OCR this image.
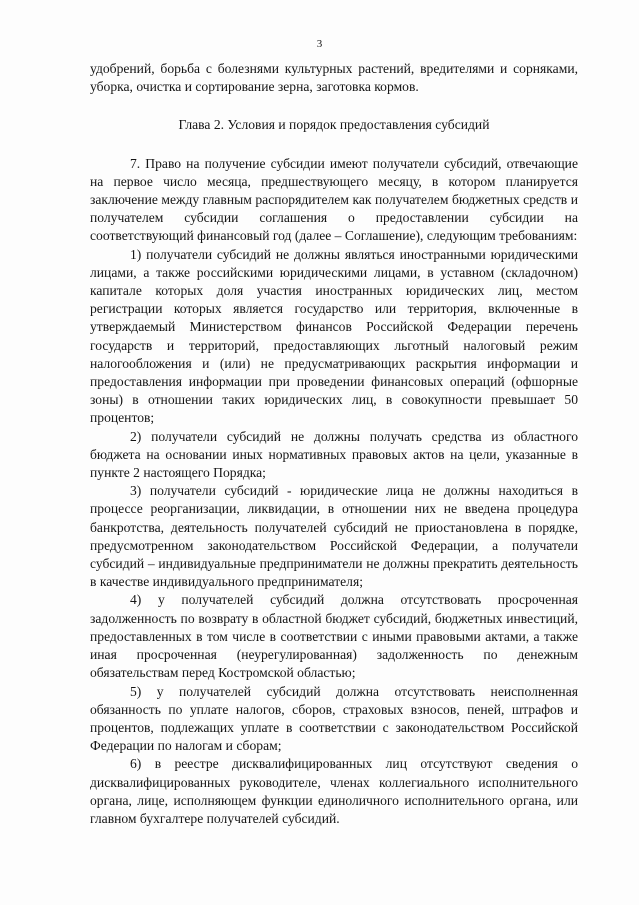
3

удобрений, борьба с болезнями культурных растений, вредителями и сорняками, уборка, очистка и сортирование зерна, заготовка кормов.

Глава 2. Условия и порядок предоставления субсидий

7. Право на получение субсидии имеют получатели субсидий, отвечающие на первое число месяца, предшествующего месяцу, в котором планируется заключение между главным распорядителем как получателем бюджетных средств и получателем субсидии соглашения о предоставлении субсидии на соответствующий финансовый год (далее – Соглашение), следующим требованиям:

1) получатели субсидий не должны являться иностранными юридическими лицами, а также российскими юридическими лицами, в уставном (складочном) капитале которых доля участия иностранных юридических лиц, местом регистрации которых является государство или территория, включенные в утверждаемый Министерством финансов Российской Федерации перечень государств и территорий, предоставляющих льготный налоговый режим налогообложения и (или) не предусматривающих раскрытия информации и предоставления информации при проведении финансовых операций (офшорные зоны) в отношении таких юридических лиц, в совокупности превышает 50 процентов;

2) получатели субсидий не должны получать средства из областного бюджета на основании иных нормативных правовых актов на цели, указанные в пункте 2 настоящего Порядка;

3) получатели субсидий - юридические лица не должны находиться в процессе реорганизации, ликвидации, в отношении них не введена процедура банкротства, деятельность получателей субсидий не приостановлена в порядке, предусмотренном законодательством Российской Федерации, а получатели субсидий – индивидуальные предприниматели не должны прекратить деятельность в качестве индивидуального предпринимателя;

4) у получателей субсидий должна отсутствовать просроченная задолженность по возврату в областной бюджет субсидий, бюджетных инвестиций, предоставленных в том числе в соответствии с иными правовыми актами, а также иная просроченная (неурегулированная) задолженность по денежным обязательствам перед Костромской областью;

5) у получателей субсидий должна отсутствовать неисполненная обязанность по уплате налогов, сборов, страховых взносов, пеней, штрафов и процентов, подлежащих уплате в соответствии с законодательством Российской Федерации по налогам и сборам;

6) в реестре дисквалифицированных лиц отсутствуют сведения о дисквалифицированных руководителе, членах коллегиального исполнительного органа, лице, исполняющем функции единоличного исполнительного органа, или главном бухгалтере получателей субсидий.
